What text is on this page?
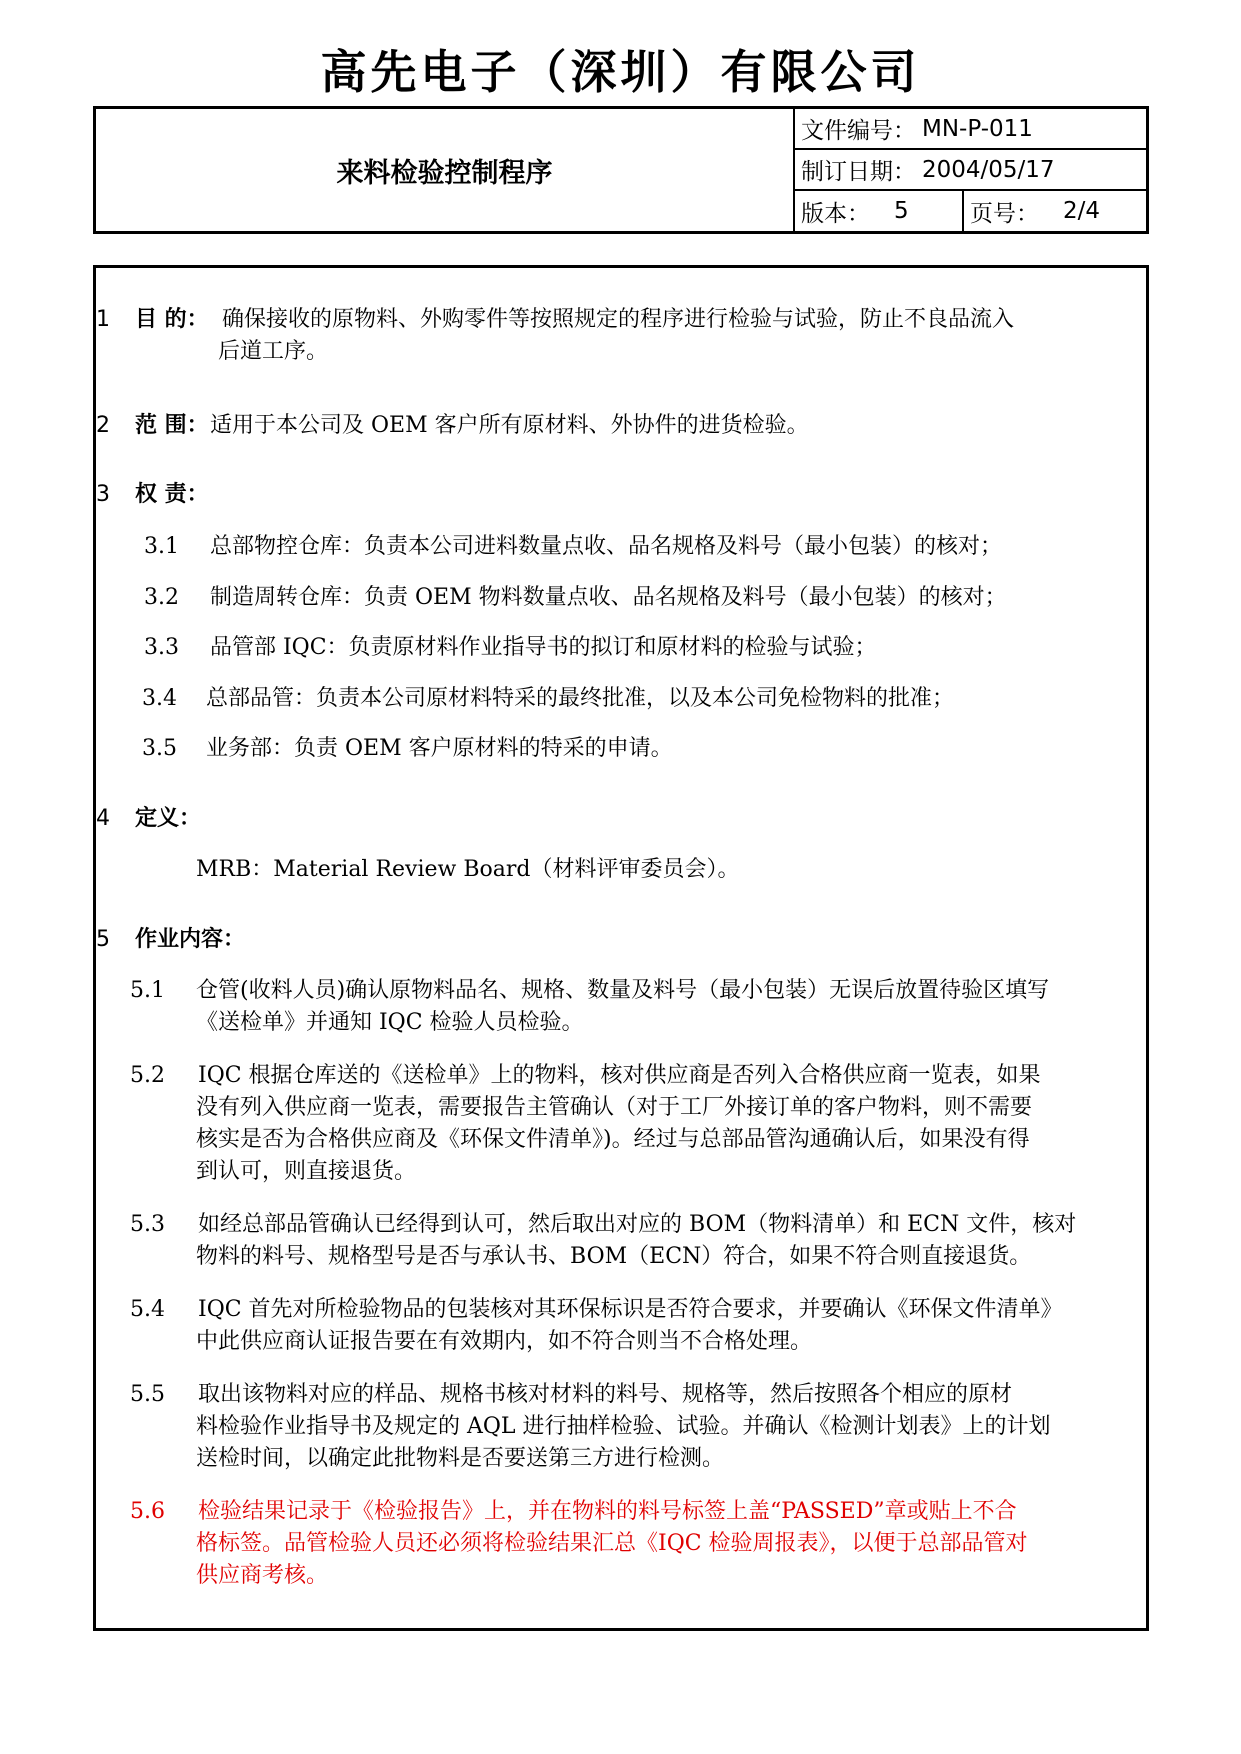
高先电子（深圳）有限公司
来料检验控制程序
文件编号： MN-P-011
制订日期： 2004/05/17
版本： 5	页号： 2/4
1 目 的： 确保接收的原物料、外购零件等按照规定的程序进行检验与试验，防止不良品流入
后道工序。
2 范 围： 适用于本公司及 OEM 客户所有原材料、外协件的进货检验。
3 权 责：
3.1 总部物控仓库：负责本公司进料数量点收、品名规格及料号（最小包装）的核对；
3.2 制造周转仓库：负责 OEM 物料数量点收、品名规格及料号（最小包装）的核对；
3.3 品管部 IQC：负责原材料作业指导书的拟订和原材料的检验与试验；
3.4 总部品管：负责本公司原材料特采的最终批准，以及本公司免检物料的批准；
3.5 业务部：负责 OEM 客户原材料的特采的申请。
4 定义：
MRB：Material Review Board（材料评审委员会）。
5 作业内容：
5.1 仓管(收料人员)确认原物料品名、规格、数量及料号（最小包装）无误后放置待验区填写
《送检单》并通知 IQC 检验人员检验。
5.2 IQC 根据仓库送的《送检单》上的物料，核对供应商是否列入合格供应商一览表，如果
没有列入供应商一览表，需要报告主管确认（对于工厂外接订单的客户物料，则不需要
核实是否为合格供应商及《环保文件清单》)。经过与总部品管沟通确认后，如果没有得
到认可，则直接退货。
5.3 如经总部品管确认已经得到认可，然后取出对应的 BOM（物料清单）和 ECN 文件，核对
物料的料号、规格型号是否与承认书、BOM（ECN）符合，如果不符合则直接退货。
5.4 IQC 首先对所检验物品的包装核对其环保标识是否符合要求，并要确认《环保文件清单》
中此供应商认证报告要在有效期内，如不符合则当不合格处理。
5.5 取出该物料对应的样品、规格书核对材料的料号、规格等，然后按照各个相应的原材
料检验作业指导书及规定的 AQL 进行抽样检验、试验。并确认《检测计划表》上的计划
送检时间，以确定此批物料是否要送第三方进行检测。
5.6 检验结果记录于《检验报告》上，并在物料的料号标签上盖“PASSED”章或贴上不合
格标签。品管检验人员还必须将检验结果汇总《IQC 检验周报表》，以便于总部品管对
供应商考核。
